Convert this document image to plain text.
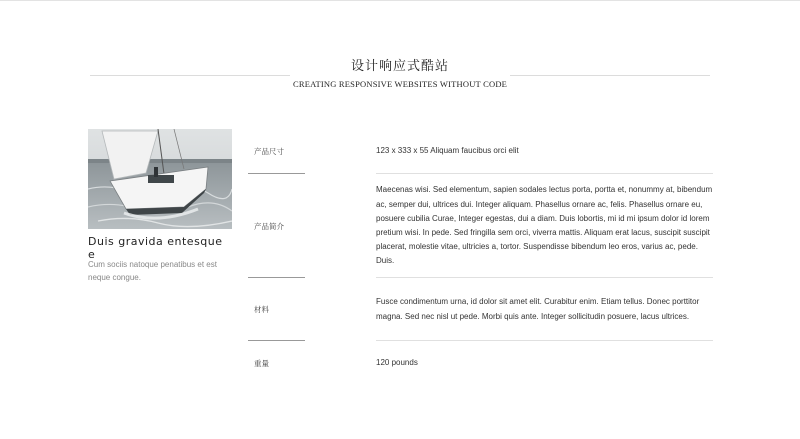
设计响应式酷站
CREATING RESPONSIVE WEBSITES WITHOUT CODE
Duis gravida entesque e
Cum sociis natoque penatibus et est neque congue.
产品尺寸	123 x 333 x 55 Aliquam faucibus orci elit
产品简介
Maecenas wisi. Sed elementum, sapien sodales lectus porta, portta et, nonummy at, bibendum ac, semper dui, ultrices dui. Integer aliquam. Phasellus ornare ac, felis. Phasellus ornare eu, posuere cubilia Curae, Integer egestas, dui a diam. Duis lobortis, mi id mi ipsum dolor id lorem pretium wisi. In pede. Sed fringilla sem orci, viverra mattis. Aliquam erat lacus, suscipit suscipit placerat, molestie vitae, ultricies a, tortor. Suspendisse bibendum leo eros, varius ac, pede. Duis.
材料
Fusce condimentum urna, id dolor sit amet elit. Curabitur enim. Etiam tellus. Donec porttitor magna. Sed nec nisl ut pede. Morbi quis ante. Integer sollicitudin posuere, lacus ultrices.
重量	120 pounds
